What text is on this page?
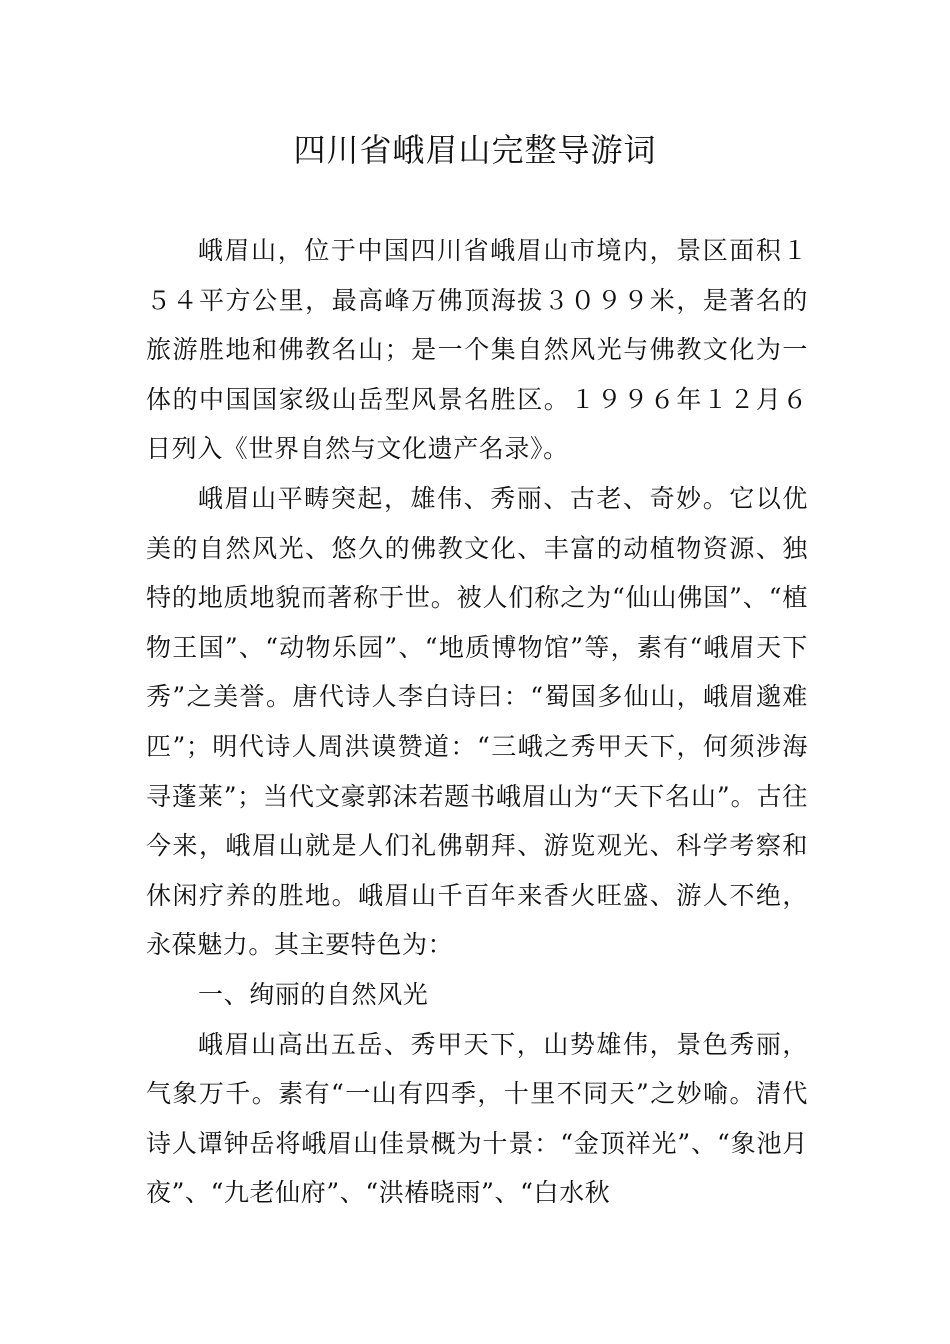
四川省峨眉山完整导游词

峨眉山，位于中国四川省峨眉山市境内，景区面积１５４平方公里，最高峰万佛顶海拔３０９９米，是著名的旅游胜地和佛教名山；是一个集自然风光与佛教文化为一体的中国国家级山岳型风景名胜区。１９９６年１２月６日列入《世界自然与文化遗产名录》。

峨眉山平畴突起，雄伟、秀丽、古老、奇妙。它以优美的自然风光、悠久的佛教文化、丰富的动植物资源、独特的地质地貌而著称于世。被人们称之为“仙山佛国”、“植物王国”、“动物乐园”、“地质博物馆”等，素有“峨眉天下秀”之美誉。唐代诗人李白诗曰：“蜀国多仙山，峨眉邈难匹”；明代诗人周洪谟赞道：“三峨之秀甲天下，何须涉海寻蓬莱”；当代文豪郭沫若题书峨眉山为“天下名山”。古往今来，峨眉山就是人们礼佛朝拜、游览观光、科学考察和休闲疗养的胜地。峨眉山千百年来香火旺盛、游人不绝，永葆魅力。其主要特色为：

一、绚丽的自然风光

峨眉山高出五岳、秀甲天下，山势雄伟，景色秀丽，气象万千。素有“一山有四季，十里不同天”之妙喻。清代诗人谭钟岳将峨眉山佳景概为十景：“金顶祥光”、“象池月夜”、“九老仙府”、“洪椿晓雨”、“白水秋
